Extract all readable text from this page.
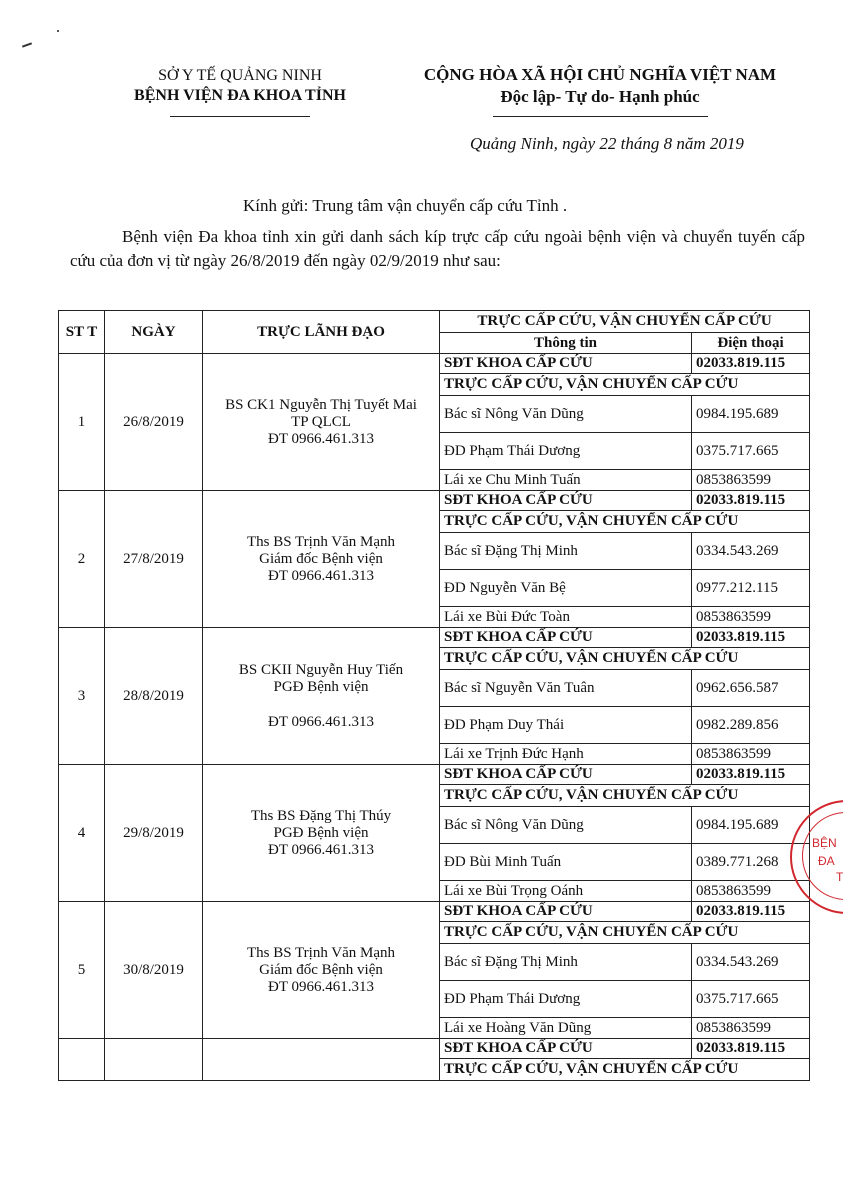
SỞ Y TẾ QUẢNG NINH
BỆNH VIỆN ĐA KHOA TỈNH
CỘNG HÒA XÃ HỘI CHỦ NGHĨA VIỆT NAM
Độc lập- Tự do- Hạnh phúc
Quảng Ninh, ngày 22 tháng 8 năm 2019
Kính gửi: Trung tâm vận chuyển cấp cứu Tỉnh .
Bệnh viện Đa khoa tỉnh xin gửi danh sách kíp trực cấp cứu ngoài bệnh viện và chuyển tuyến cấp cứu của đơn vị từ ngày 26/8/2019 đến ngày 02/9/2019 như sau:
ST T	NGÀY	TRỰC LÃNH ĐẠO	TRỰC CẤP CỨU, VẬN CHUYỂN CẤP CỨU	
			Thông tin	Điện thoại
1	26/8/2019	BS CK1 Nguyễn Thị Tuyết Mai
TP QLCL
ĐT 0966.461.313	SĐT KHOA CẤP CỨU	02033.819.115
			TRỰC CẤP CỨU, VẬN CHUYỂN CẤP CỨU	
			Bác sĩ Nông Văn Dũng	0984.195.689
			ĐD Phạm Thái Dương	0375.717.665
			Lái xe Chu Minh Tuấn	0853863599
2	27/8/2019	Ths BS Trịnh Văn Mạnh
Giám đốc Bệnh viện
ĐT 0966.461.313	SĐT KHOA CẤP CỨU	02033.819.115
			TRỰC CẤP CỨU, VẬN CHUYỂN CẤP CỨU	
			Bác sĩ Đặng Thị Minh	0334.543.269
			ĐD Nguyễn Văn Bệ	0977.212.115
			Lái xe Bùi Đức Toàn	0853863599
3	28/8/2019	BS CKII Nguyễn Huy Tiến
PGĐ Bệnh viện
ĐT 0966.461.313	SĐT KHOA CẤP CỨU	02033.819.115
			TRỰC CẤP CỨU, VẬN CHUYỂN CẤP CỨU	
			Bác sĩ Nguyễn Văn Tuân	0962.656.587
			ĐD Phạm Duy Thái	0982.289.856
			Lái xe Trịnh Đức Hạnh	0853863599
4	29/8/2019	Ths BS Đặng Thị Thúy
PGĐ Bệnh viện
ĐT 0966.461.313	SĐT KHOA CẤP CỨU	02033.819.115
			TRỰC CẤP CỨU, VẬN CHUYỂN CẤP CỨU	
			Bác sĩ Nông Văn Dũng	0984.195.689
			ĐD Bùi Minh Tuấn	0389.771.268
			Lái xe Bùi Trọng Oánh	0853863599
5	30/8/2019	Ths BS Trịnh Văn Mạnh
Giám đốc Bệnh viện
ĐT 0966.461.313	SĐT KHOA CẤP CỨU	02033.819.115
			TRỰC CẤP CỨU, VẬN CHUYỂN CẤP CỨU	
			Bác sĩ Đặng Thị Minh	0334.543.269
			ĐD Phạm Thái Dương	0375.717.665
			Lái xe Hoàng Văn Dũng	0853863599
			SĐT KHOA CẤP CỨU	02033.819.115
			TRỰC CẤP CỨU, VẬN CHUYỂN CẤP CỨU	
BỆN
ĐA
T
